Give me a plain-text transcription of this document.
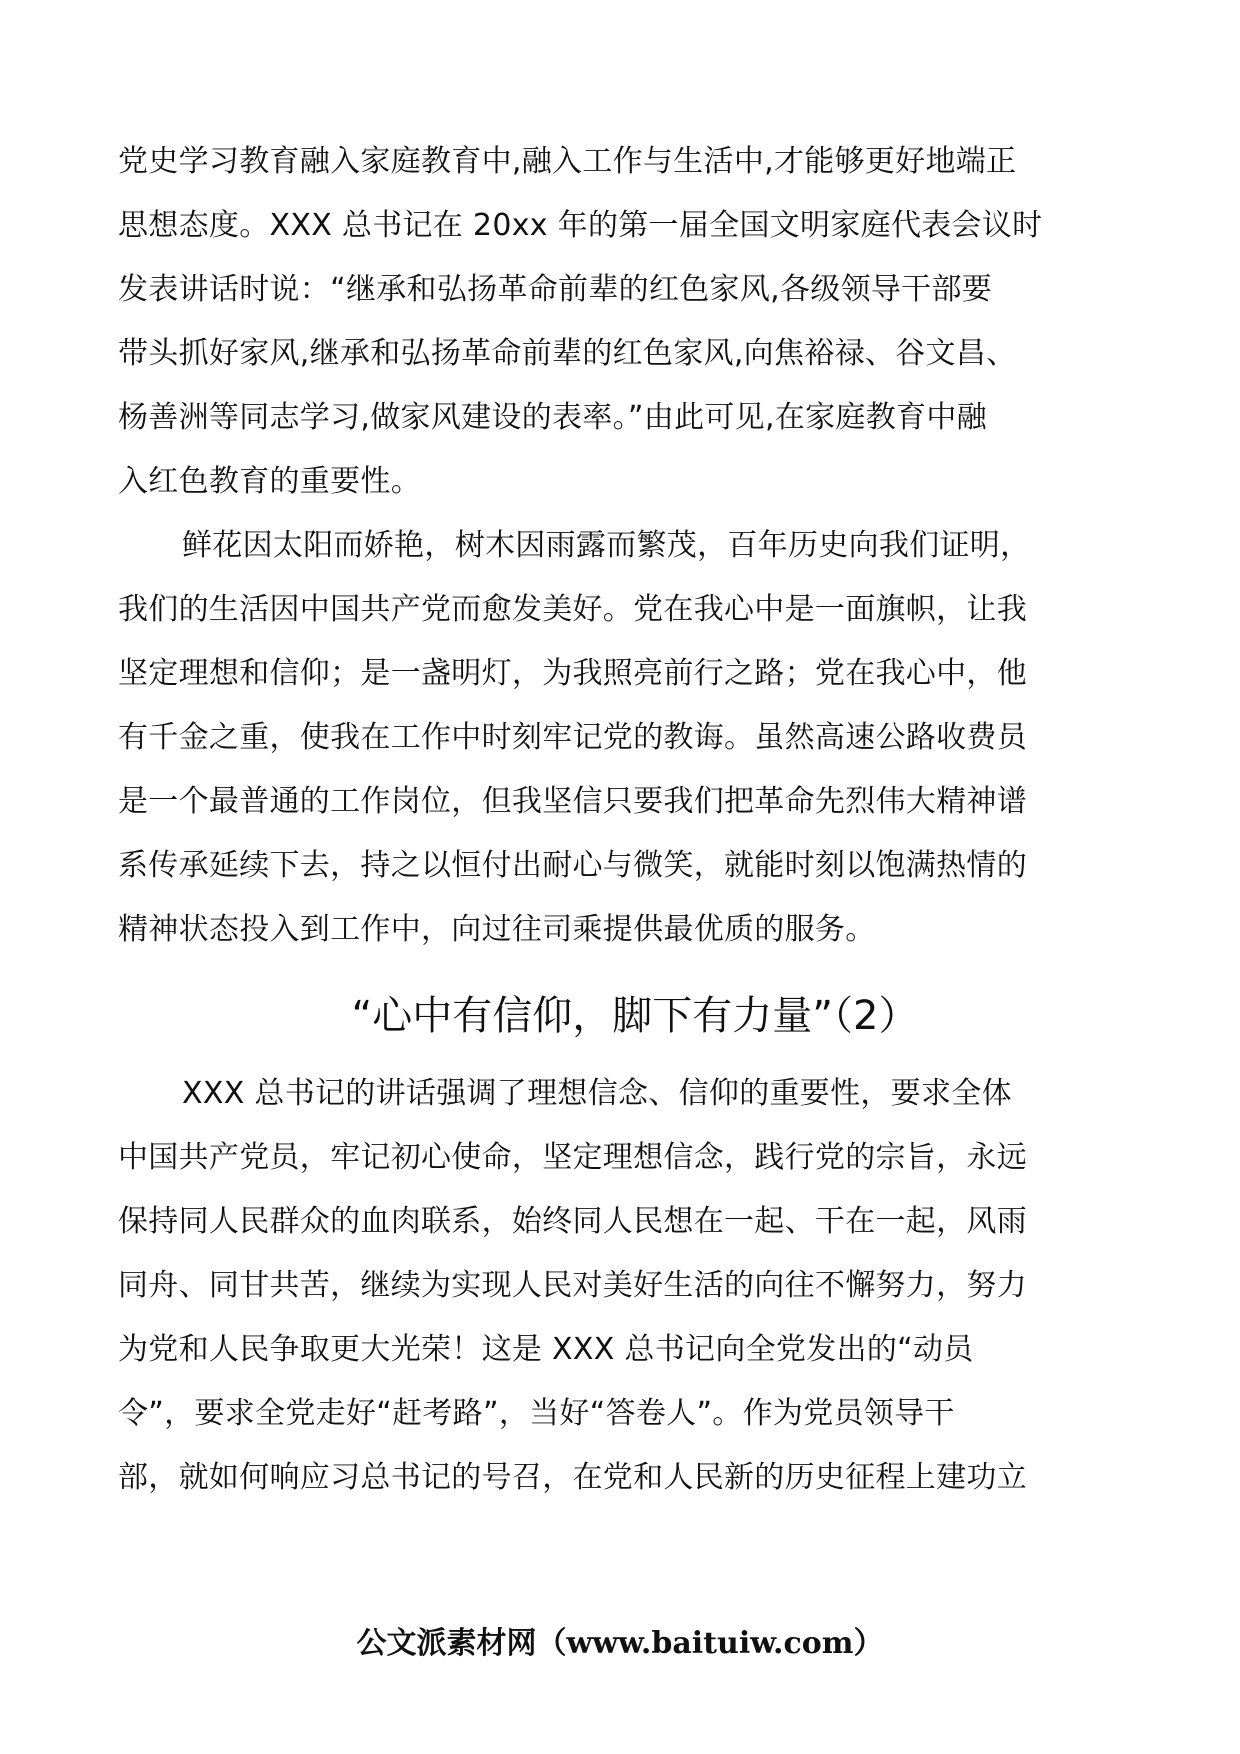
党史学习教育融入家庭教育中,融入工作与生活中,才能够更好地端正
思想态度。XXX 总书记在 20xx 年的第一届全国文明家庭代表会议时
发表讲话时说：“继承和弘扬革命前辈的红色家风,各级领导干部要
带头抓好家风,继承和弘扬革命前辈的红色家风,向焦裕禄、谷文昌、
杨善洲等同志学习,做家风建设的表率。”由此可见,在家庭教育中融
入红色教育的重要性。
鲜花因太阳而娇艳，树木因雨露而繁茂，百年历史向我们证明，
我们的生活因中国共产党而愈发美好。党在我心中是一面旗帜，让我
坚定理想和信仰；是一盏明灯，为我照亮前行之路；党在我心中，他
有千金之重，使我在工作中时刻牢记党的教诲。虽然高速公路收费员
是一个最普通的工作岗位，但我坚信只要我们把革命先烈伟大精神谱
系传承延续下去，持之以恒付出耐心与微笑，就能时刻以饱满热情的
精神状态投入到工作中，向过往司乘提供最优质的服务。
“心中有信仰，脚下有力量”（2）
XXX 总书记的讲话强调了理想信念、信仰的重要性，要求全体
中国共产党员，牢记初心使命，坚定理想信念，践行党的宗旨，永远
保持同人民群众的血肉联系，始终同人民想在一起、干在一起，风雨
同舟、同甘共苦，继续为实现人民对美好生活的向往不懈努力，努力
为党和人民争取更大光荣！这是 XXX 总书记向全党发出的“动员
令”，要求全党走好“赶考路”，当好“答卷人”。作为党员领导干
部，就如何响应习总书记的号召，在党和人民新的历史征程上建功立
公文派素材网（www.baituiw.com）
